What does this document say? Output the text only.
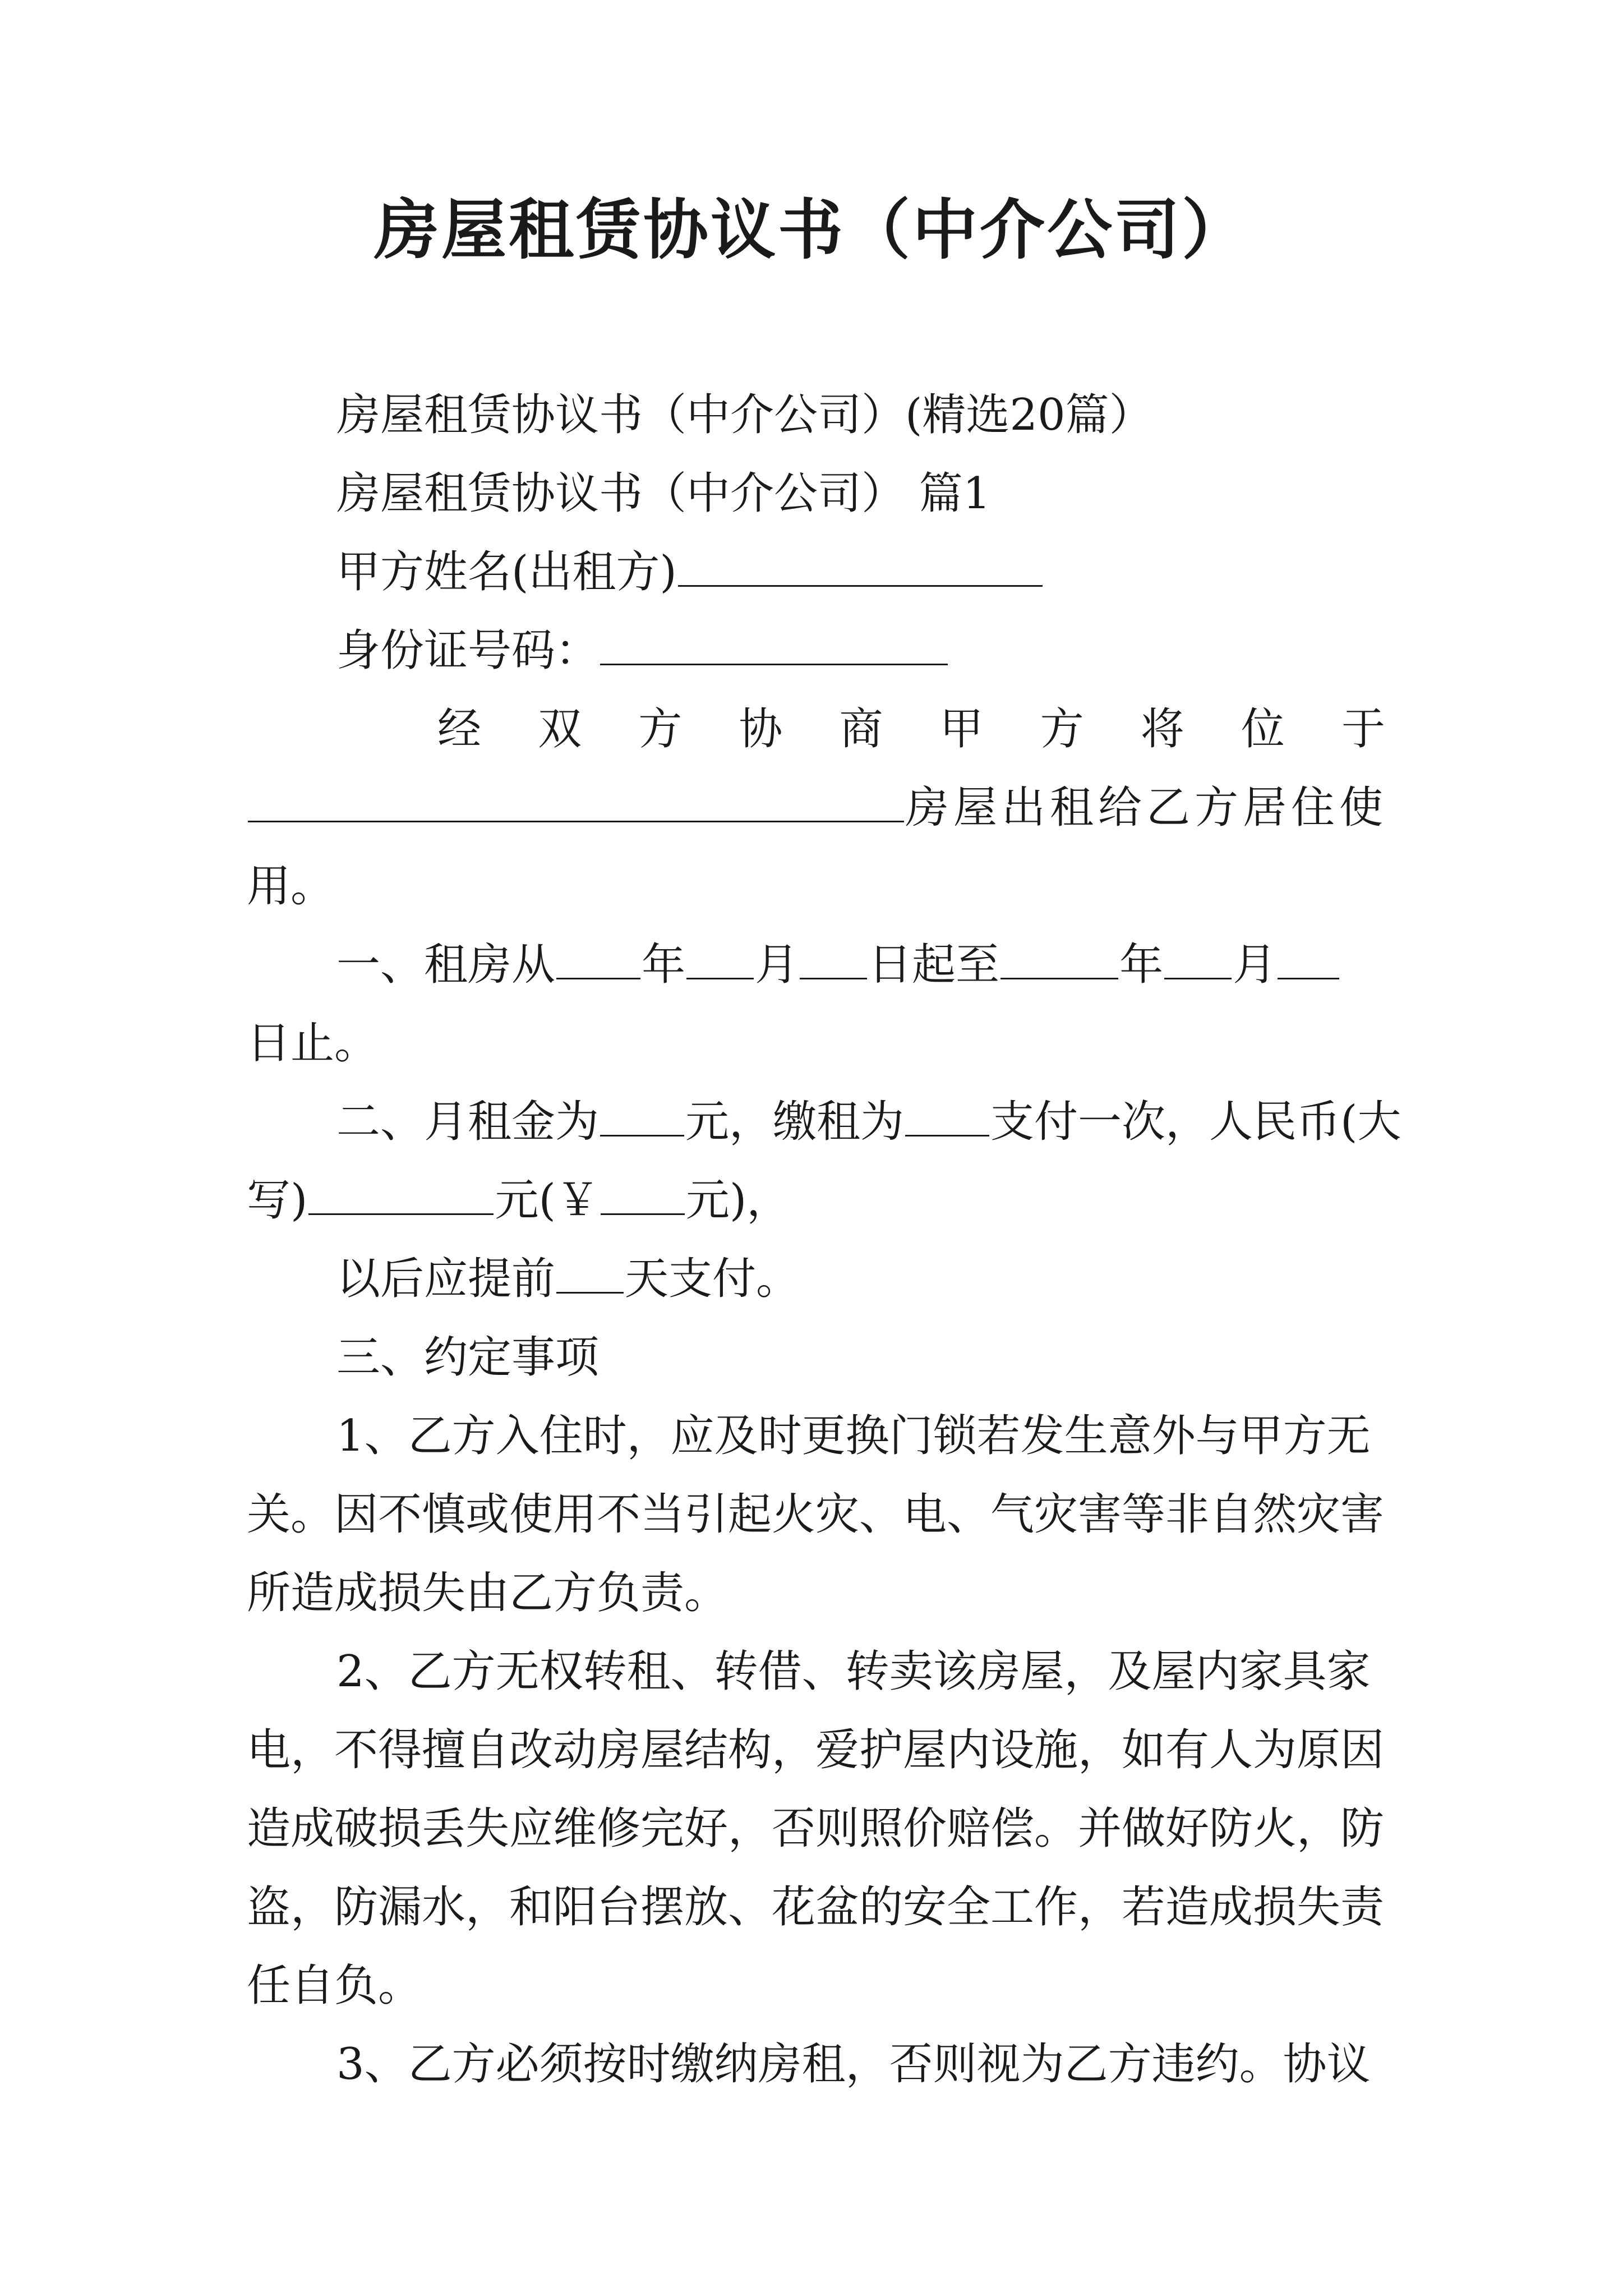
房屋租赁协议书（中介公司）
房屋租赁协议书（中介公司）(精选20篇）
房屋租赁协议书（中介公司） 篇1
甲方姓名(出租方)
身份证号码：
经 双 方 协 商 甲 方 将 位 于
房屋出租给乙方居住使
用。
一、租房从 年 月 日起至	年 月
日止。
二、月租金为 元，缴租为 支付一次，人民币(大
写)	元(￥ 元)，
以后应提前 天支付。
三、约定事项
1、乙方入住时，应及时更换门锁若发生意外与甲方无
关。因不慎或使用不当引起火灾、电、气灾害等非自然灾害
所造成损失由乙方负责。
2、乙方无权转租、转借、转卖该房屋，及屋内家具家
电，不得擅自改动房屋结构，爱护屋内设施，如有人为原因
造成破损丢失应维修完好，否则照价赔偿。并做好防火，防
盗，防漏水，和阳台摆放、花盆的安全工作，若造成损失责
任自负。
3、乙方必须按时缴纳房租，否则视为乙方违约。协议
